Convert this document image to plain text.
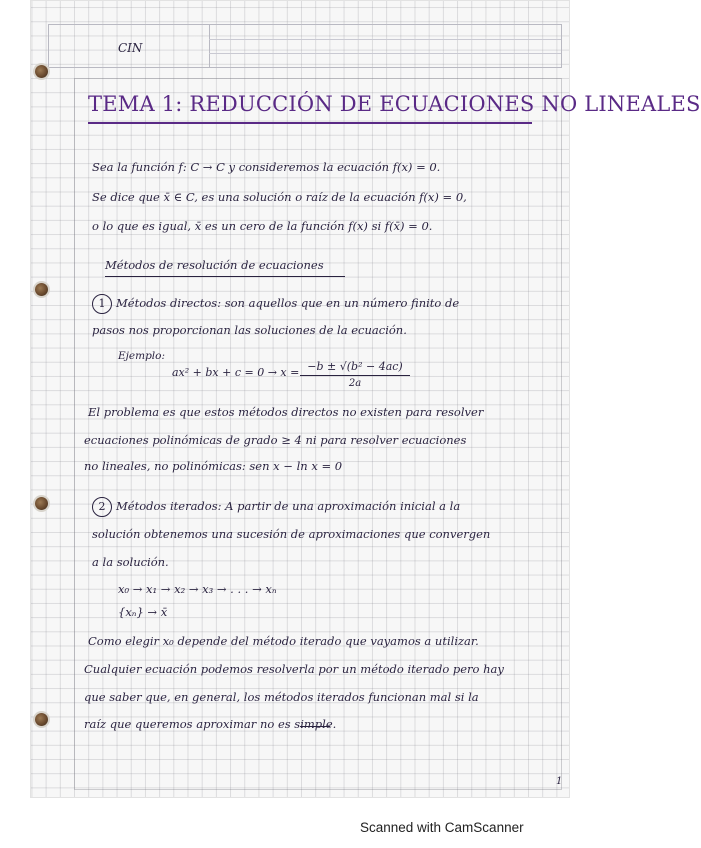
CIN
TEMA 1: REDUCCIÓN DE ECUACIONES NO LINEALES
Sea la función f: C → C y consideremos la ecuación f(x) = 0.
Se dice que x̄ ∈ C, es una solución o raíz de la ecuación f(x) = 0,
o lo que es igual, x̄ es un cero de la función f(x) si f(x̄) = 0.
Métodos de resolución de ecuaciones
1 Métodos directos: son aquellos que en un número finito de
pasos nos proporcionan las soluciones de la ecuación.
Ejemplo:
ax² + bx + c = 0 → x = −b ± √(b² − 4ac)
2a
El problema es que estos métodos directos no existen para resolver
ecuaciones polinómicas de grado ≥ 4 ni para resolver ecuaciones
no lineales, no polinómicas: sen x − ln x = 0
2 Métodos iterados: A partir de una aproximación inicial a la
solución obtenemos una sucesión de aproximaciones que convergen
a la solución.
x₀ → x₁ → x₂ → x₃ → . . . → xₙ
{xₙ} → x̄
Como elegir x₀ depende del método iterado que vayamos a utilizar.
Cualquier ecuación podemos resolverla por un método iterado pero hay
que saber que, en general, los métodos iterados funcionan mal si la
raíz que queremos aproximar no es simple.
1
Scanned with CamScanner
